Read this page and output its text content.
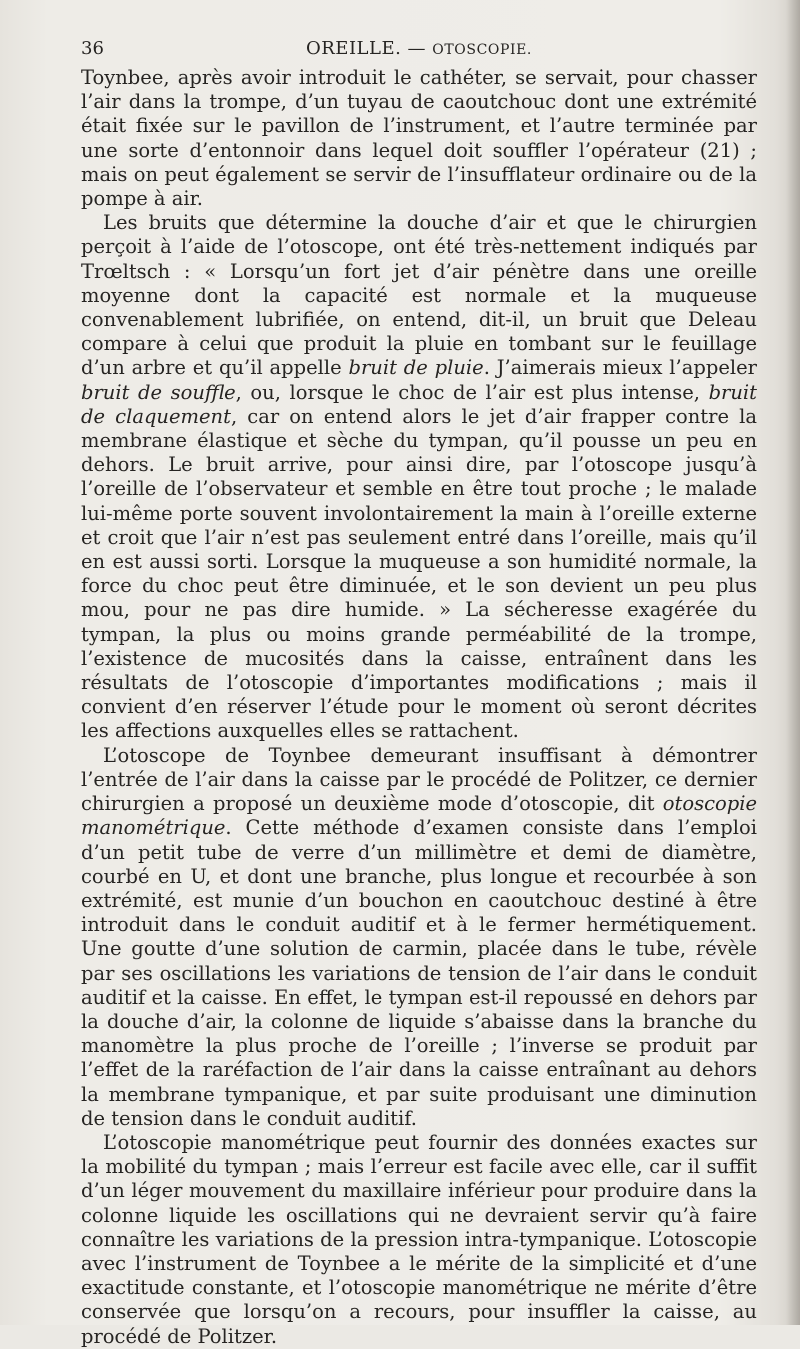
36	OREILLE. — OTOSCOPIE.

Toynbee, après avoir introduit le cathéter, se servait, pour chasser l’air dans la trompe, d’un tuyau de caoutchouc dont une extrémité était fixée sur le pavillon de l’instrument, et l’autre terminée par une sorte d’entonnoir dans lequel doit souffler l’opérateur (21) ; mais on peut également se servir de l’insufflateur ordinaire ou de la pompe à air.

Les bruits que détermine la douche d’air et que le chirurgien perçoit à l’aide de l’otoscope, ont été très-nettement indiqués par Trœltsch : « Lorsqu’un fort jet d’air pénètre dans une oreille moyenne dont la capacité est normale et la muqueuse convenablement lubrifiée, on entend, dit-il, un bruit que Deleau compare à celui que produit la pluie en tombant sur le feuillage d’un arbre et qu’il appelle bruit de pluie. J’aimerais mieux l’appeler bruit de souffle, ou, lorsque le choc de l’air est plus intense, bruit de claquement, car on entend alors le jet d’air frapper contre la membrane élastique et sèche du tympan, qu’il pousse un peu en dehors. Le bruit arrive, pour ainsi dire, par l’otoscope jusqu’à l’oreille de l’observateur et semble en être tout proche ; le malade lui-même porte souvent involontairement la main à l’oreille externe et croit que l’air n’est pas seulement entré dans l’oreille, mais qu’il en est aussi sorti. Lorsque la muqueuse a son humidité normale, la force du choc peut être diminuée, et le son devient un peu plus mou, pour ne pas dire humide. » La sécheresse exagérée du tympan, la plus ou moins grande perméabilité de la trompe, l’existence de mucosités dans la caisse, entraînent dans les résultats de l’otoscopie d’importantes modifications ; mais il convient d’en réserver l’étude pour le moment où seront décrites les affections auxquelles elles se rattachent.

L’otoscope de Toynbee demeurant insuffisant à démontrer l’entrée de l’air dans la caisse par le procédé de Politzer, ce dernier chirurgien a proposé un deuxième mode d’otoscopie, dit otoscopie manométrique. Cette méthode d’examen consiste dans l’emploi d’un petit tube de verre d’un millimètre et demi de diamètre, courbé en U, et dont une branche, plus longue et recourbée à son extrémité, est munie d’un bouchon en caoutchouc destiné à être introduit dans le conduit auditif et à le fermer hermétiquement. Une goutte d’une solution de carmin, placée dans le tube, révèle par ses oscillations les variations de tension de l’air dans le conduit auditif et la caisse. En effet, le tympan est-il repoussé en dehors par la douche d’air, la colonne de liquide s’abaisse dans la branche du manomètre la plus proche de l’oreille ; l’inverse se produit par l’effet de la raréfaction de l’air dans la caisse entraînant au dehors la membrane tympanique, et par suite produisant une diminution de tension dans le conduit auditif.

L’otoscopie manométrique peut fournir des données exactes sur la mobilité du tympan ; mais l’erreur est facile avec elle, car il suffit d’un léger mouvement du maxillaire inférieur pour produire dans la colonne liquide les oscillations qui ne devraient servir qu’à faire connaître les variations de la pression intra-tympanique. L’otoscopie avec l’instrument de Toynbee a le mérite de la simplicité et d’une exactitude constante, et l’otoscopie manométrique ne mérite d’être conservée que lorsqu’on a recours, pour insuffler la caisse, au procédé de Politzer.
